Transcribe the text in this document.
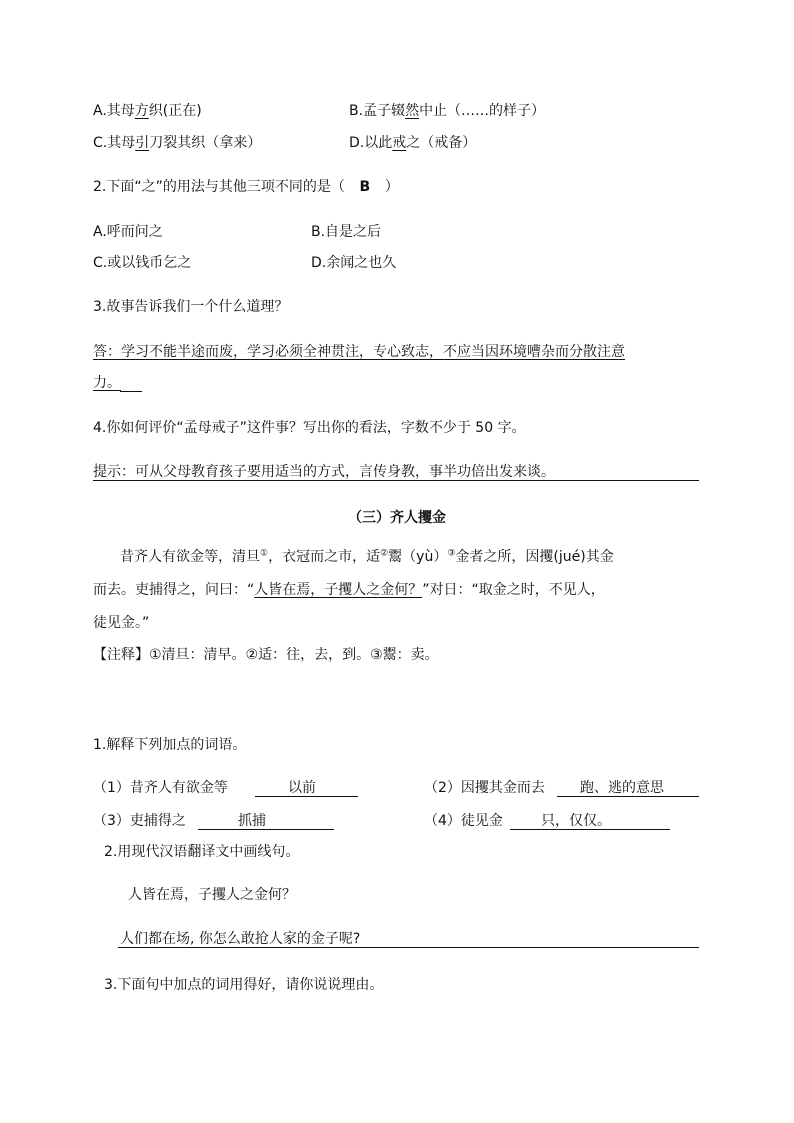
A.其母方织(正在)	B.孟子辍然中止（……的样子）
C.其母引刀裂其织（拿来）	D.以此戒之（戒备）
2.下面“之”的用法与其他三项不同的是（ B ）
A.呼而问之	B.自是之后
C.或以钱币乞之	D.余闻之也久
3.故事告诉我们一个什么道理？
答：学习不能半途而废，学习必须全神贯注，专心致志，不应当因环境嘈杂而分散注意
力。
4.你如何评价“孟母戒子”这件事？写出你的看法，字数不少于 50 字。
提示：可从父母教育孩子要用适当的方式，言传身教，事半功倍出发来谈。
（三）齐人攫金
昔齐人有欲金等，清旦①，衣冠而之市，适②鬻（yù）③金者之所，因攫(jué)其金
而去。吏捕得之，问曰：“人皆在焉，子攫人之金何？”对日：“取金之时，不见人，
徒见金。”
【注释】①清旦：清早。②适：往，去，到。③鬻：卖。
1.解释下列加点的词语。
（1）昔齐人有欲金等	以前	（2）因攫其金而去	跑、逃的意思
（3）吏捕得之	抓捕	（4）徒见金	只，仅仅。
2.用现代汉语翻译文中画线句。
人皆在焉，子攫人之金何？
人们都在场, 你怎么敢抢人家的金子呢?
3.下面句中加点的词用得好，请你说说理由。
